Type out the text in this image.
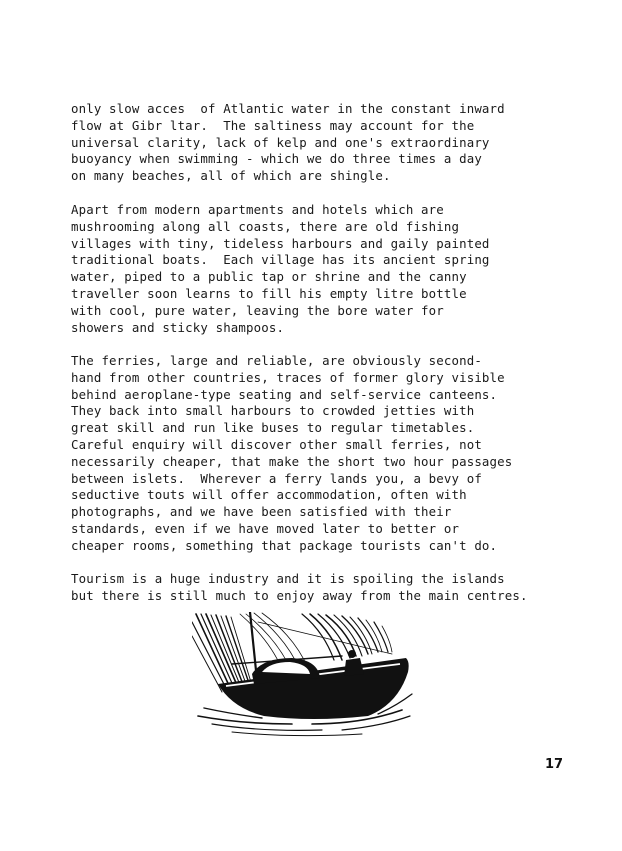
only slow acces  of Atlantic water in the constant inward
flow at Gibr ltar.  The saltiness may account for the
universal clarity, lack of kelp and one's extraordinary
buoyancy when swimming - which we do three times a day
on many beaches, all of which are shingle.
Apart from modern apartments and hotels which are
mushrooming along all coasts, there are old fishing
villages with tiny, tideless harbours and gaily painted
traditional boats.  Each village has its ancient spring
water, piped to a public tap or shrine and the canny
traveller soon learns to fill his empty litre bottle
with cool, pure water, leaving the bore water for
showers and sticky shampoos.
The ferries, large and reliable, are obviously second-
hand from other countries, traces of former glory visible
behind aeroplane-type seating and self-service canteens.
They back into small harbours to crowded jetties with
great skill and run like buses to regular timetables.
Careful enquiry will discover other small ferries, not
necessarily cheaper, that make the short two hour passages
between islets.  Wherever a ferry lands you, a bevy of
seductive touts will offer accommodation, often with
photographs, and we have been satisfied with their
standards, even if we have moved later to better or
cheaper rooms, something that package tourists can't do.
Tourism is a huge industry and it is spoiling the islands
but there is still much to enjoy away from the main centres.
17
